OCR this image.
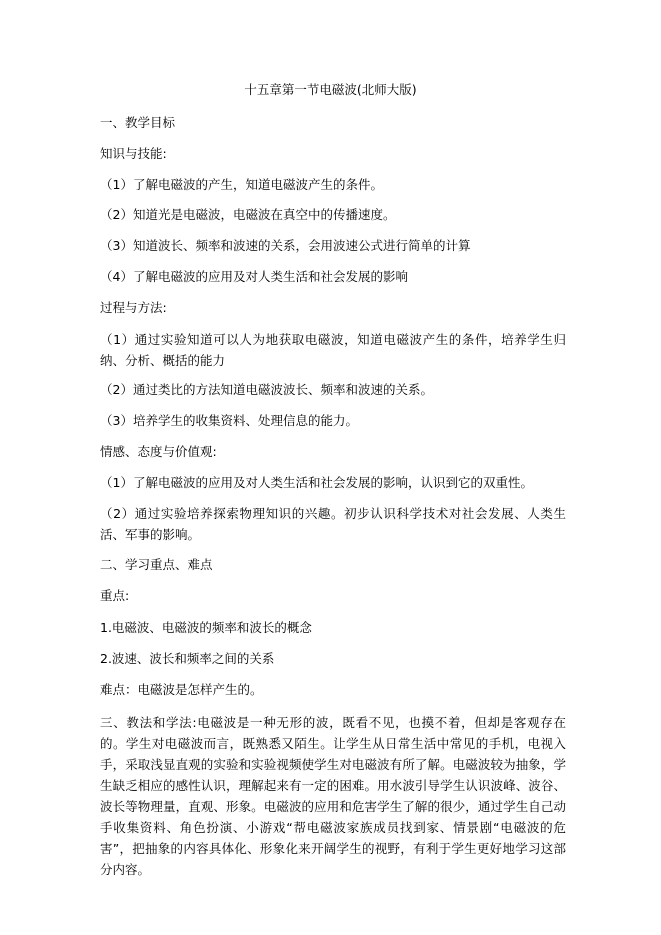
十五章第一节电磁波(北师大版)
一、教学目标
知识与技能:
（1）了解电磁波的产生，知道电磁波产生的条件。
（2）知道光是电磁波，电磁波在真空中的传播速度。
（3）知道波长、频率和波速的关系，会用波速公式进行简单的计算
（4）了解电磁波的应用及对人类生活和社会发展的影响
过程与方法:
（1）通过实验知道可以人为地获取电磁波，知道电磁波产生的条件，培养学生归纳、分析、概括的能力
（2）通过类比的方法知道电磁波波长、频率和波速的关系。
（3）培养学生的收集资料、处理信息的能力。
情感、态度与价值观:
（1）了解电磁波的应用及对人类生活和社会发展的影响，认识到它的双重性。
（2）通过实验培养探索物理知识的兴趣。初步认识科学技术对社会发展、人类生活、军事的影响。
二、学习重点、难点
重点:
1.电磁波、电磁波的频率和波长的概念
2.波速、波长和频率之间的关系
难点：电磁波是怎样产生的。
三、教法和学法:电磁波是一种无形的波，既看不见，也摸不着，但却是客观存在的。学生对电磁波而言，既熟悉又陌生。让学生从日常生活中常见的手机，电视入手，采取浅显直观的实验和实验视频使学生对电磁波有所了解。电磁波较为抽象，学生缺乏相应的感性认识，理解起来有一定的困难。用水波引导学生认识波峰、波谷、波长等物理量，直观、形象。电磁波的应用和危害学生了解的很少，通过学生自己动手收集资料、角色扮演、小游戏“帮电磁波家族成员找到家、情景剧“电磁波的危害”，把抽象的内容具体化、形象化来开阔学生的视野，有利于学生更好地学习这部分内容。
